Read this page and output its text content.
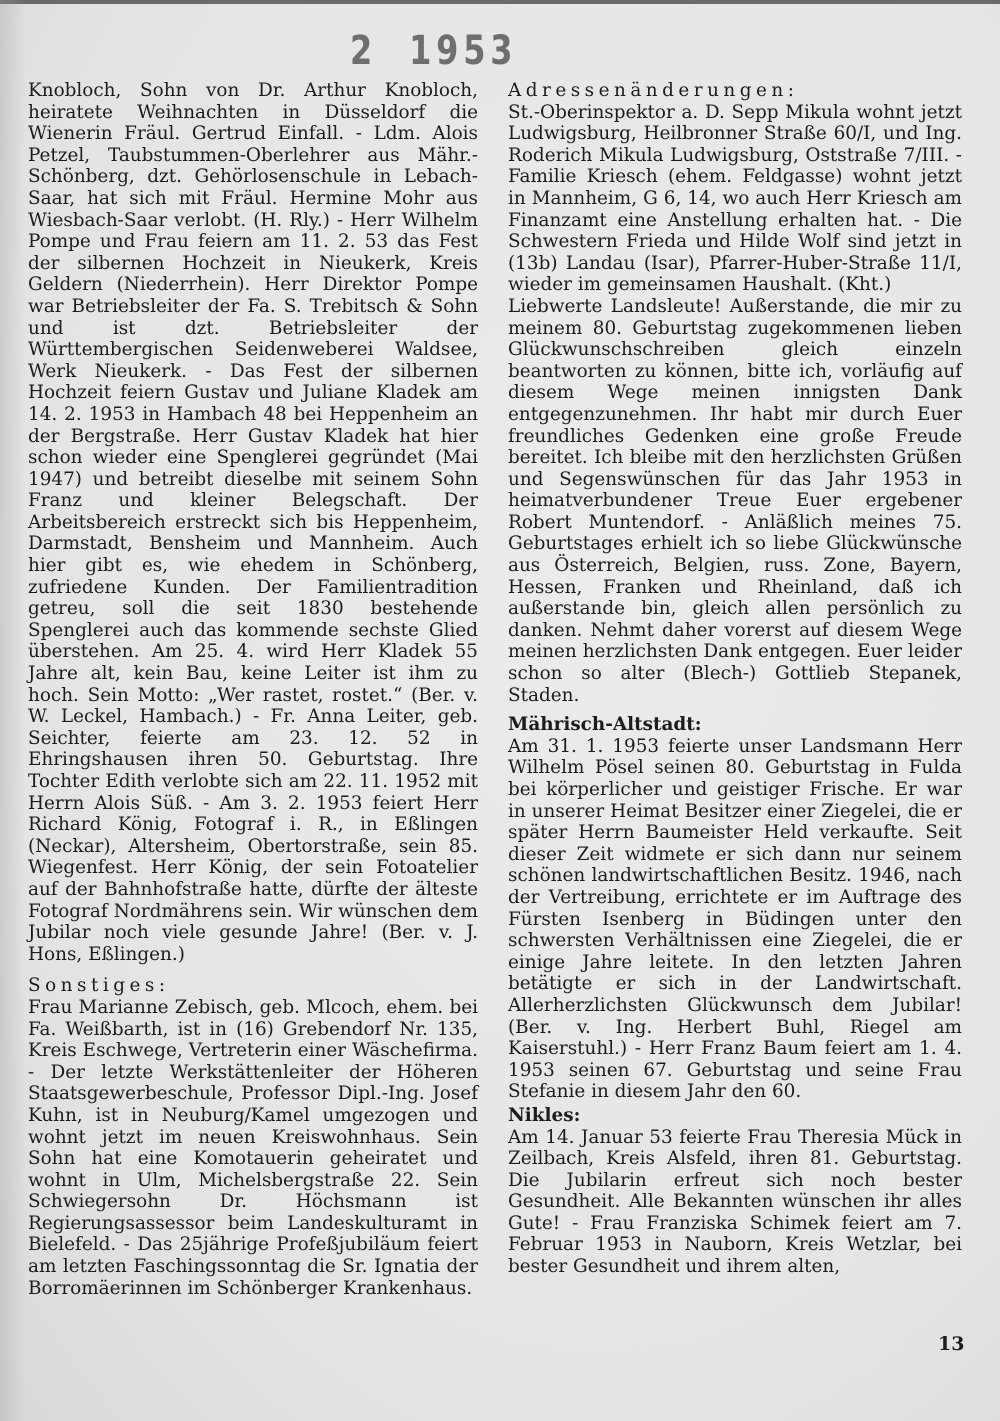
2 1953

Knobloch, Sohn von Dr. Arthur Knobloch, heiratete Weihnachten in Düsseldorf die Wienerin Fräul. Gertrud Einfall. - Ldm. Alois Petzel, Taubstummen-Oberlehrer aus Mähr.-Schönberg, dzt. Gehörlosenschule in Lebach-Saar, hat sich mit Fräul. Hermine Mohr aus Wiesbach-Saar verlobt. (H. Rly.) - Herr Wilhelm Pompe und Frau feiern am 11. 2. 53 das Fest der silbernen Hochzeit in Nieukerk, Kreis Geldern (Niederrhein). Herr Direktor Pompe war Betriebsleiter der Fa. S. Trebitsch & Sohn und ist dzt. Betriebsleiter der Württembergischen Seidenweberei Waldsee, Werk Nieukerk. - Das Fest der silbernen Hochzeit feiern Gustav und Juliane Kladek am 14. 2. 1953 in Hambach 48 bei Heppenheim an der Bergstraße. Herr Gustav Kladek hat hier schon wieder eine Spenglerei gegründet (Mai 1947) und betreibt dieselbe mit seinem Sohn Franz und kleiner Belegschaft. Der Arbeitsbereich erstreckt sich bis Heppenheim, Darmstadt, Bensheim und Mannheim. Auch hier gibt es, wie ehedem in Schönberg, zufriedene Kunden. Der Familientradition getreu, soll die seit 1830 bestehende Spenglerei auch das kommende sechste Glied überstehen. Am 25. 4. wird Herr Kladek 55 Jahre alt, kein Bau, keine Leiter ist ihm zu hoch. Sein Motto: „Wer rastet, rostet.“ (Ber. v. W. Leckel, Hambach.) - Fr. Anna Leiter, geb. Seichter, feierte am 23. 12. 52 in Ehringshausen ihren 50. Geburtstag. Ihre Tochter Edith verlobte sich am 22. 11. 1952 mit Herrn Alois Süß. - Am 3. 2. 1953 feiert Herr Richard König, Fotograf i. R., in Eßlingen (Neckar), Altersheim, Obertorstraße, sein 85. Wiegenfest. Herr König, der sein Fotoatelier auf der Bahnhofstraße hatte, dürfte der älteste Fotograf Nordmährens sein. Wir wünschen dem Jubilar noch viele gesunde Jahre! (Ber. v. J. Hons, Eßlingen.)

Sonstiges:

Frau Marianne Zebisch, geb. Mlcoch, ehem. bei Fa. Weißbarth, ist in (16) Grebendorf Nr. 135, Kreis Eschwege, Vertreterin einer Wäschefirma. - Der letzte Werkstättenleiter der Höheren Staatsgewerbeschule, Professor Dipl.-Ing. Josef Kuhn, ist in Neuburg/Kamel umgezogen und wohnt jetzt im neuen Kreiswohnhaus. Sein Sohn hat eine Komotauerin geheiratet und wohnt in Ulm, Michelsbergstraße 22. Sein Schwiegersohn Dr. Höchsmann ist Regierungsassessor beim Landeskulturamt in Bielefeld. - Das 25jährige Profeßjubiläum feiert am letzten Faschingssonntag die Sr. Ignatia der Borromäerinnen im Schönberger Krankenhaus.

Adressenänderungen:

St.-Oberinspektor a. D. Sepp Mikula wohnt jetzt Ludwigsburg, Heilbronner Straße 60/I, und Ing. Roderich Mikula Ludwigsburg, Oststraße 7/III. - Familie Kriesch (ehem. Feldgasse) wohnt jetzt in Mannheim, G 6, 14, wo auch Herr Kriesch am Finanzamt eine Anstellung erhalten hat. - Die Schwestern Frieda und Hilde Wolf sind jetzt in (13b) Landau (Isar), Pfarrer-Huber-Straße 11/I, wieder im gemeinsamen Haushalt. (Kht.)

Liebwerte Landsleute! Außerstande, die mir zu meinem 80. Geburtstag zugekommenen lieben Glückwunschschreiben gleich einzeln beantworten zu können, bitte ich, vorläufig auf diesem Wege meinen innigsten Dank entgegenzunehmen. Ihr habt mir durch Euer freundliches Gedenken eine große Freude bereitet. Ich bleibe mit den herzlichsten Grüßen und Segenswünschen für das Jahr 1953 in heimatverbundener Treue Euer ergebener Robert Muntendorf. - Anläßlich meines 75. Geburtstages erhielt ich so liebe Glückwünsche aus Österreich, Belgien, russ. Zone, Bayern, Hessen, Franken und Rheinland, daß ich außerstande bin, gleich allen persönlich zu danken. Nehmt daher vorerst auf diesem Wege meinen herzlichsten Dank entgegen. Euer leider schon so alter (Blech-) Gottlieb Stepanek, Staden.

Mährisch-Altstadt:

Am 31. 1. 1953 feierte unser Landsmann Herr Wilhelm Pösel seinen 80. Geburtstag in Fulda bei körperlicher und geistiger Frische. Er war in unserer Heimat Besitzer einer Ziegelei, die er später Herrn Baumeister Held verkaufte. Seit dieser Zeit widmete er sich dann nur seinem schönen landwirtschaftlichen Besitz. 1946, nach der Vertreibung, errichtete er im Auftrage des Fürsten Isenberg in Büdingen unter den schwersten Verhältnissen eine Ziegelei, die er einige Jahre leitete. In den letzten Jahren betätigte er sich in der Landwirtschaft. Allerherzlichsten Glückwunsch dem Jubilar! (Ber. v. Ing. Herbert Buhl, Riegel am Kaiserstuhl.) - Herr Franz Baum feiert am 1. 4. 1953 seinen 67. Geburtstag und seine Frau Stefanie in diesem Jahr den 60.

Nikles:

Am 14. Januar 53 feierte Frau Theresia Mück in Zeilbach, Kreis Alsfeld, ihren 81. Geburtstag. Die Jubilarin erfreut sich noch bester Gesundheit. Alle Bekannten wünschen ihr alles Gute! - Frau Franziska Schimek feiert am 7. Februar 1953 in Nauborn, Kreis Wetzlar, bei bester Gesundheit und ihrem alten,

13
